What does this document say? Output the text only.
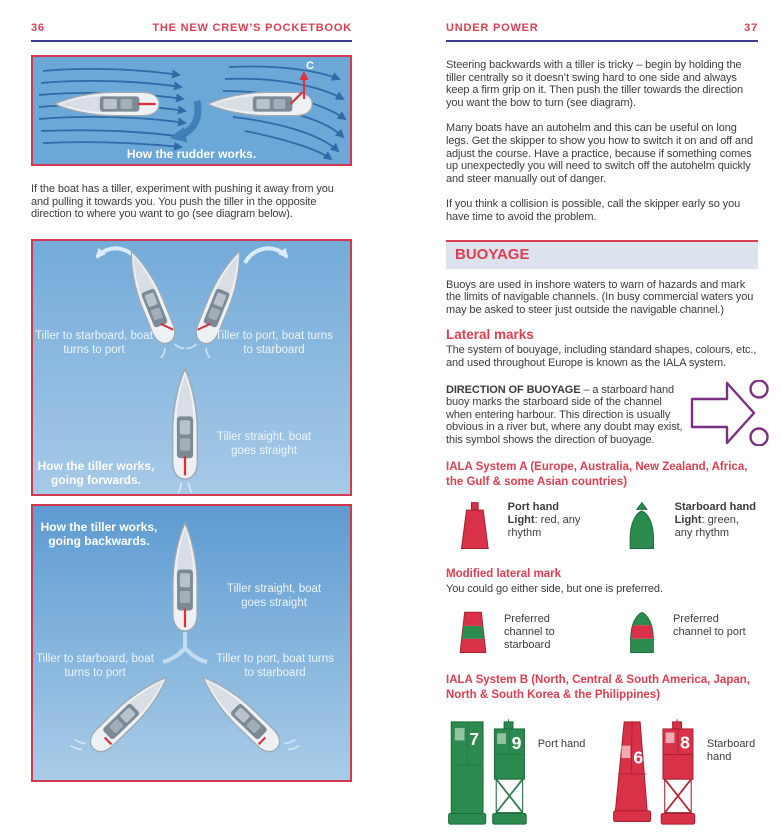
36	THE NEW CREW’S POCKETBOOK
C
How the rudder works.

If the boat has a tiller, experiment with pushing it away from you and pulling it towards you. You push the tiller in the opposite direction to where you want to go (see diagram below).

Tiller to starboard, boat turns to port
Tiller to port, boat turns to starboard
Tiller straight, boat goes straight
How the tiller works, going forwards.
How the tiller works, going backwards.
Tiller straight, boat goes straight
Tiller to starboard, boat turns to port
Tiller to port, boat turns to starboard
UNDER POWER	37

Steering backwards with a tiller is tricky – begin by holding the tiller centrally so it doesn’t swing hard to one side and always keep a firm grip on it. Then push the tiller towards the direction you want the bow to turn (see diagram).

Many boats have an autohelm and this can be useful on long legs. Get the skipper to show you how to switch it on and off and adjust the course. Have a practice, because if something comes up unexpectedly you will need to switch off the autohelm quickly and steer manually out of danger.

If you think a collision is possible, call the skipper early so you have time to avoid the problem.

BUOYAGE

Buoys are used in inshore waters to warn of hazards and mark the limits of navigable channels. (In busy commercial waters you may be asked to steer just outside the navigable channel.)

Lateral marks

The system of bouyage, including standard shapes, colours, etc., and used throughout Europe is known as the IALA system.

DIRECTION OF BUOYAGE – a starboard hand buoy marks the starboard side of the channel when entering harbour. This direction is usually obvious in a river but, where any doubt may exist, this symbol shows the direction of buoyage.

IALA System A (Europe, Australia, New Zealand, Africa, the Gulf & some Asian countries)
Port hand
Light: red, any rhythm
Starboard hand
Light: green, any rhythm
Modified lateral mark

You could go either side, but one is preferred.

Preferred channel to starboard
Preferred channel to port
IALA System B (North, Central & South America, Japan, North & South Korea & the Philippines)
7 9 Port hand
6
8 Starboard hand
